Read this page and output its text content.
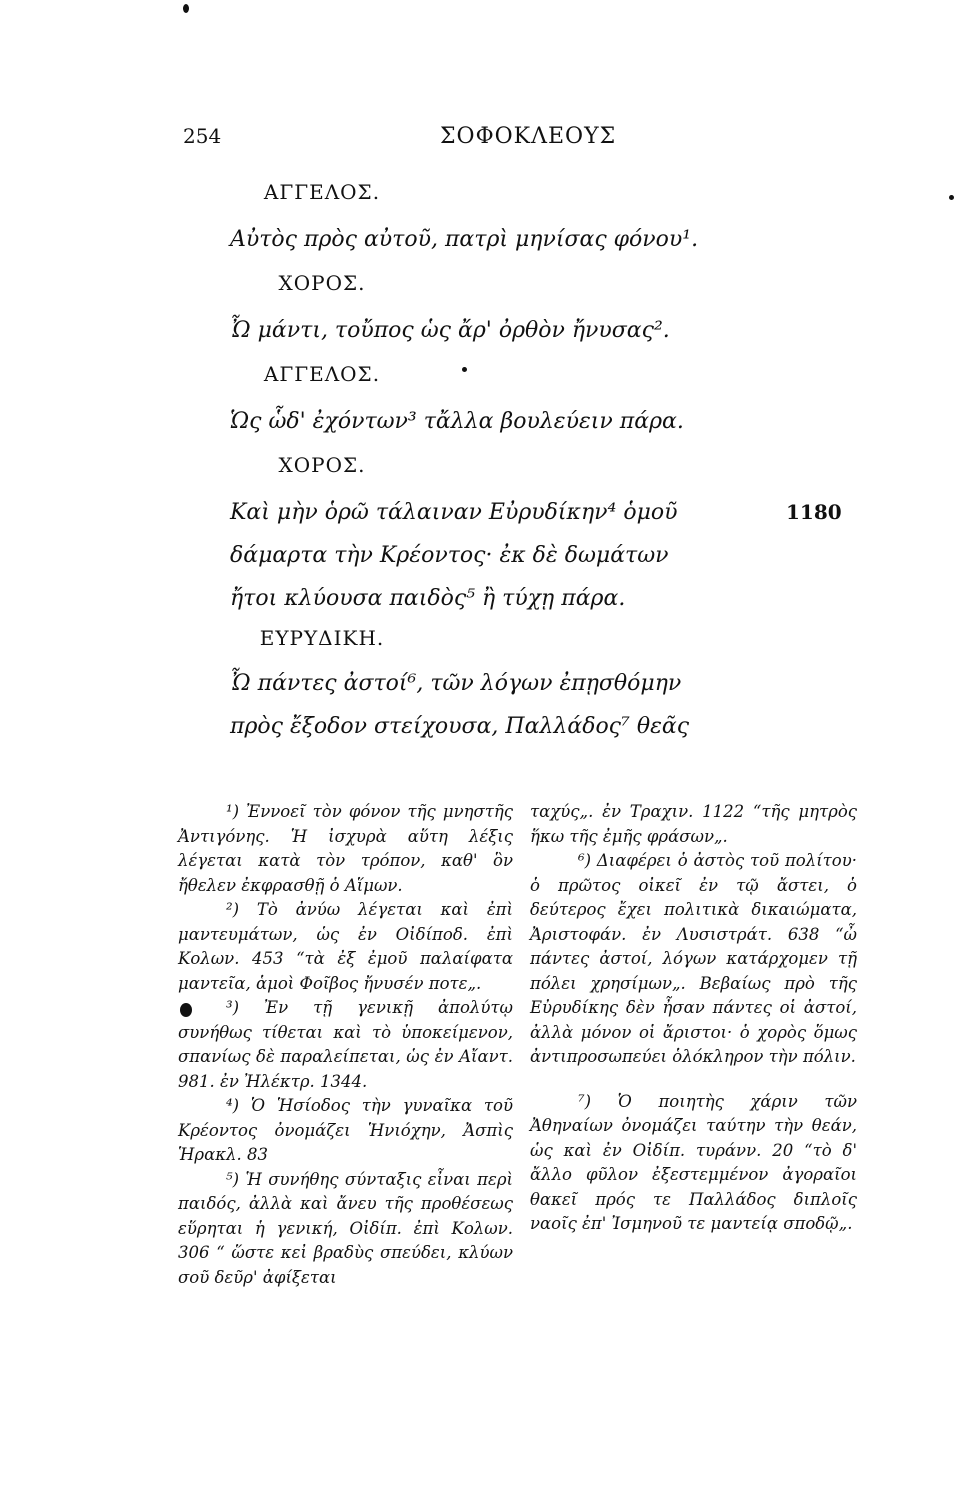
254	ΣΟΦΟΚΛΕΟΥΣ
ΑΓΓΕΛΟΣ.
Αὐτὸς πρὸς αὐτοῦ, πατρὶ μηνίσας φόνου¹.
ΧΟΡΟΣ.
Ὦ μάντι, τοὔπος ὡς ἄρ' ὀρθὸν ἤνυσας².
ΑΓΓΕΛΟΣ.
Ὡς ὧδ' ἐχόντων³ τἄλλα βουλεύειν πάρα.
ΧΟΡΟΣ.
Καὶ μὴν ὁρῶ τάλαιναν Εὐρυδίκην⁴ ὁμοῦ	1180
δάμαρτα τὴν Κρέοντος· ἐκ δὲ δωμάτων
ἤτοι κλύουσα παιδὸς⁵ ἢ τύχῃ πάρα.
ΕΥΡΥΔΙΚΗ.
Ὦ πάντες ἀστοί⁶, τῶν λόγων ἐπῃσθόμην
πρὸς ἔξοδον στείχουσα, Παλλάδος⁷ θεᾶς

¹) Ἐννοεῖ τὸν φόνον τῆς μνηστῆς Ἀντιγόνης. Ἡ ἰσχυρὰ αὕτη λέξις λέγεται κατὰ τὸν τρόπον, καθ' ὃν ἤθελεν ἐκφρασθῇ ὁ Αἵμων.

²) Τὸ ἀνύω λέγεται καὶ ἐπὶ μαντευμάτων, ὡς ἐν Οἰδίποδ. ἐπὶ Κολων. 453 “τὰ ἐξ ἐμοῦ παλαίφατα μαντεῖα, ἁμοὶ Φοῖβος ἤνυσέν ποτε„.

³) Ἐν τῇ γενικῇ ἀπολύτῳ συνήθως τίθεται καὶ τὸ ὑποκείμενον, σπανίως δὲ παραλείπεται, ὡς ἐν Αἴαντ. 981. ἐν Ἠλέκτρ. 1344.

⁴) Ὁ Ἡσίοδος τὴν γυναῖκα τοῦ Κρέοντος ὀνομάζει Ἡνιόχην, Ἀσπὶς Ἡρακλ. 83

⁵) Ἡ συνήθης σύνταξις εἶναι περὶ παιδός, ἀλλὰ καὶ ἄνευ τῆς προθέσεως εὕρηται ἡ γενική, Οἰδίπ. ἐπὶ Κολων. 306 “ ὥστε κεἰ βραδὺς σπεύδει, κλύων σοῦ δεῦρ' ἀφίξεται

ταχύς„. ἐν Τραχιν. 1122 “τῆς μητρὸς ἥκω τῆς ἐμῆς φράσων„.

⁶) Διαφέρει ὁ ἀστὸς τοῦ πολίτου· ὁ πρῶτος οἰκεῖ ἐν τῷ ἄστει, ὁ δεύτερος ἔχει πολιτικὰ δικαιώματα, Ἀριστοφάν. ἐν Λυσιστράτ. 638 “ὦ πάντες ἀστοί, λόγων κατάρχομεν τῇ πόλει χρησίμων„. Βεβαίως πρὸ τῆς Εὐρυδίκης δὲν ἦσαν πάντες οἱ ἀστοί, ἀλλὰ μόνον οἱ ἄριστοι· ὁ χορὸς ὅμως ἀντιπροσωπεύει ὁλόκληρον τὴν πόλιν.

⁷) Ὁ ποιητὴς χάριν τῶν Ἀθηναίων ὀνομάζει ταύτην τὴν θεάν, ὡς καὶ ἐν Οἰδίπ. τυράνν. 20 “τὸ δ' ἄλλο φῦλον ἐξεστεμμένον ἀγοραῖοι θακεῖ πρός τε Παλλάδος διπλοῖς ναοῖς ἐπ' Ἰσμηνοῦ τε μαντείᾳ σποδῷ„.
